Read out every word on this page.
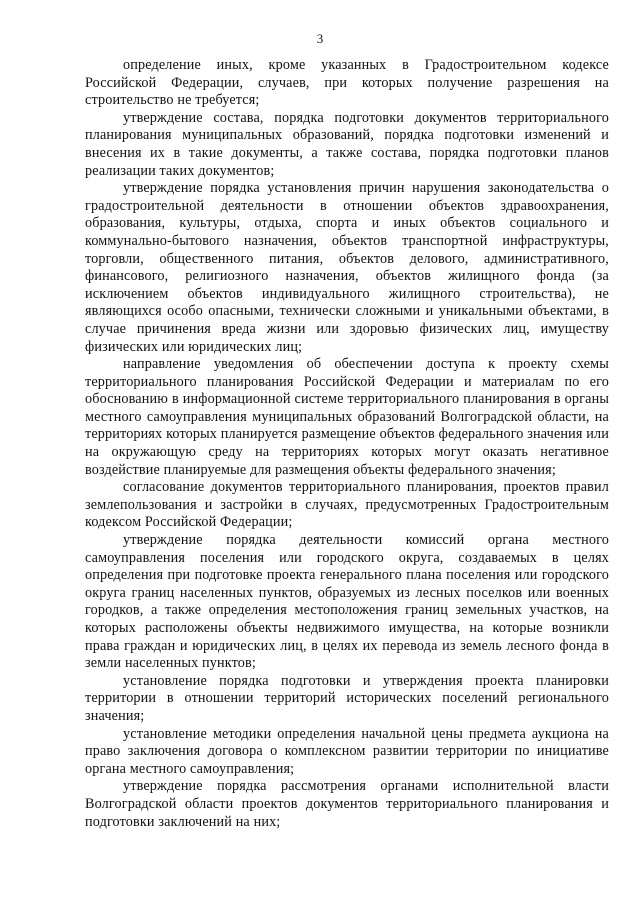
3

определение иных, кроме указанных в Градостроительном кодексе Российской Федерации, случаев, при которых получение разрешения на строительство не требуется;

утверждение состава, порядка подготовки документов территориального планирования муниципальных образований, порядка подготовки изменений и внесения их в такие документы, а также состава, порядка подготовки планов реализации таких документов;

утверждение порядка установления причин нарушения законодательства о градостроительной деятельности в отношении объектов здравоохранения, образования, культуры, отдыха, спорта и иных объектов социального и коммунально-бытового назначения, объектов транспортной инфраструктуры, торговли, общественного питания, объектов делового, административного, финансового, религиозного назначения, объектов жилищного фонда (за исключением объектов индивидуального жилищного строительства), не являющихся особо опасными, технически сложными и уникальными объектами, в случае причинения вреда жизни или здоровью физических лиц, имуществу физических или юридических лиц;

направление уведомления об обеспечении доступа к проекту схемы территориального планирования Российской Федерации и материалам по его обоснованию в информационной системе территориального планирования в органы местного самоуправления муниципальных образований Волгоградской области, на территориях которых планируется размещение объектов федерального значения или на окружающую среду на территориях которых могут оказать негативное воздействие планируемые для размещения объекты федерального значения;

согласование документов территориального планирования, проектов правил землепользования и застройки в случаях, предусмотренных Градостроительным кодексом Российской Федерации;

утверждение порядка деятельности комиссий органа местного самоуправления поселения или городского округа, создаваемых в целях определения при подготовке проекта генерального плана поселения или городского округа границ населенных пунктов, образуемых из лесных поселков или военных городков, а также определения местоположения границ земельных участков, на которых расположены объекты недвижимого имущества, на которые возникли права граждан и юридических лиц, в целях их перевода из земель лесного фонда в земли населенных пунктов;

установление порядка подготовки и утверждения проекта планировки территории в отношении территорий исторических поселений регионального значения;

установление методики определения начальной цены предмета аукциона на право заключения договора о комплексном развитии территории по инициативе органа местного самоуправления;

утверждение порядка рассмотрения органами исполнительной власти Волгоградской области проектов документов территориального планирования и подготовки заключений на них;
